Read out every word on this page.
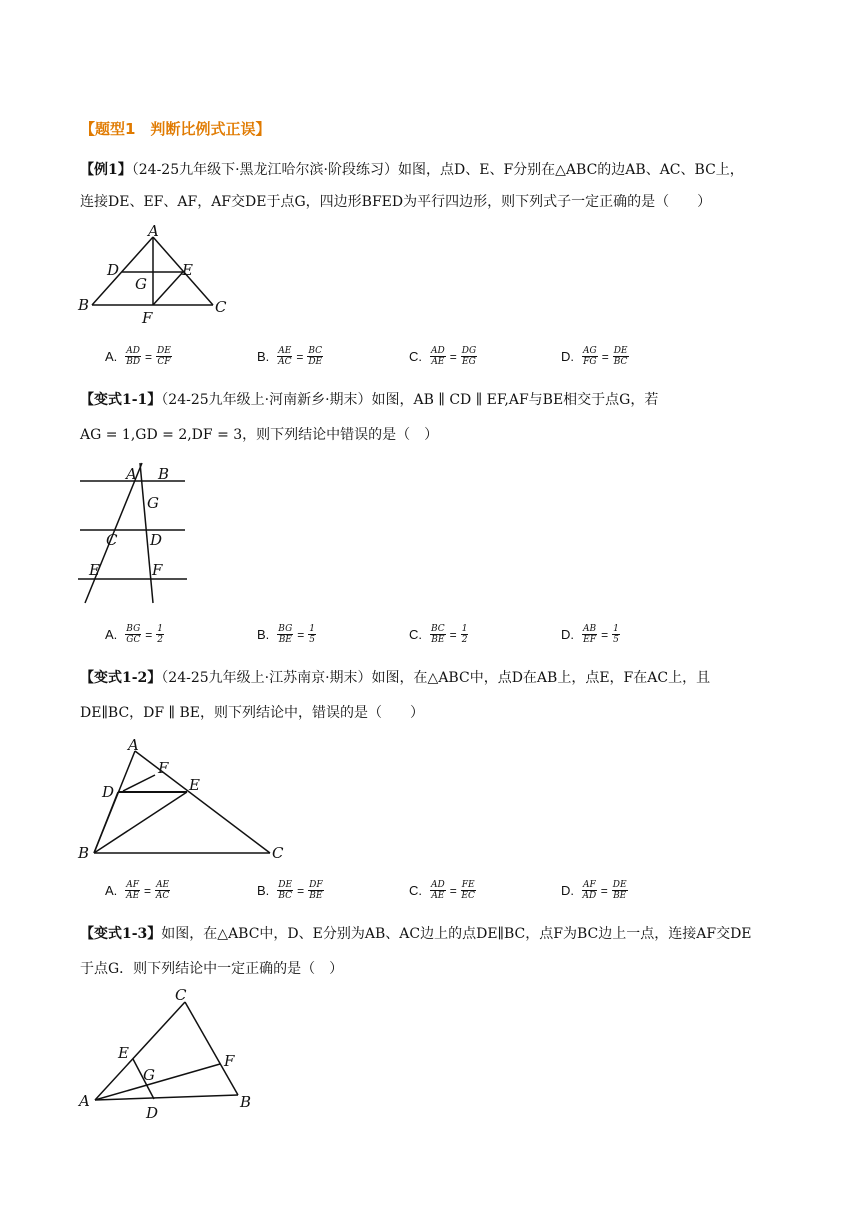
【题型1　判断比例式正误】
【例1】（24-25九年级下·黑龙江哈尔滨·阶段练习）如图，点D、E、F分别在△ABC的边AB、AC、BC上，
连接DE、EF、AF，AF交DE于点G，四边形BFED为平行四边形，则下列式子一定正确的是（　　）
A
D	E
G
B	C
F
A. $\frac{AD}{BD} = \frac{DE}{CF}$	B. $\frac{AE}{AC} = \frac{BC}{DE}$	C. $\frac{AD}{AE} = \frac{DG}{EG}$	D. $\frac{AG}{FG} = \frac{DE}{BC}$
【变式1-1】（24-25九年级上·河南新乡·期末）如图，AB ∥ CD ∥ EF,AF与BE相交于点G，若
AG = 1,GD = 2,DF = 3，则下列结论中错误的是（　）
A B
G
C D
E	F
A. $\frac{BG}{GC} = \frac{1}{2}$	B. $\frac{BG}{BE} = \frac{1}{5}$	C. $\frac{BC}{BE} = \frac{1}{2}$	D. $\frac{AB}{EF} = \frac{1}{5}$
【变式1-2】（24-25九年级上·江苏南京·期末）如图，在△ABC中，点D在AB上，点E，F在AC上，且
DE∥BC，DF ∥ BE，则下列结论中，错误的是（　　）
A
F
D	E
B	C
A. $\frac{AF}{AE} = \frac{AE}{AC}$	B. $\frac{DE}{BC} = \frac{DF}{BE}$	C. $\frac{AD}{AE} = \frac{FE}{EC}$	D. $\frac{AF}{AD} = \frac{DE}{BE}$
【变式1-3】如图，在△ABC中，D、E分别为AB、AC边上的点DE∥BC，点F为BC边上一点，连接AF交DE
于点G．则下列结论中一定正确的是（　）
C
E	F
G
A	B
D
